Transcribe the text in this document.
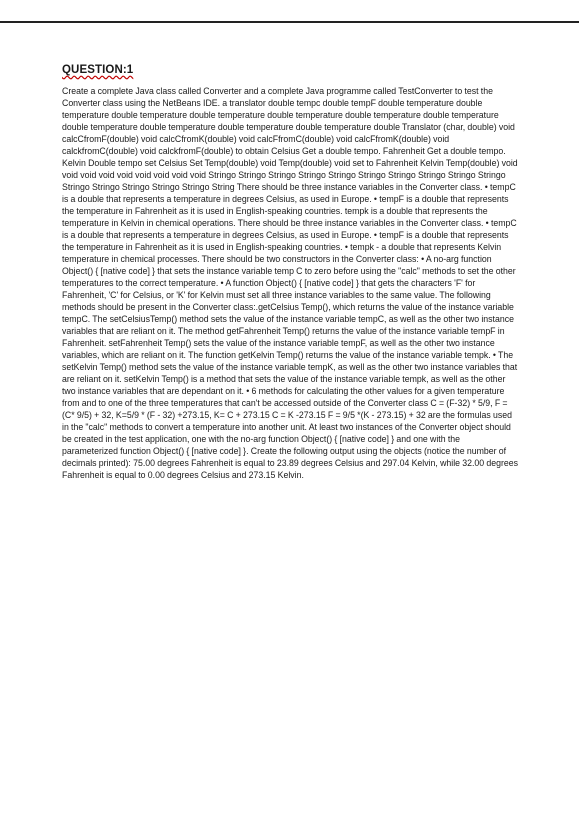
QUESTION:1

Create a complete Java class called Converter and a complete Java programme called TestConverter to test the Converter class using the NetBeans IDE. a translator double tempc double tempF double temperature double temperature double temperature double temperature double temperature double temperature double temperature double temperature double temperature double temperature double temperature double Translator (char, double) void calcCfromF(double) void calcCfromK(double) void calcFfromC(double) void calcFfromK(double) void calckfromC(double) void calckfromF(double) to obtain Celsius Get a double tempo. Fahrenheit Get a double tempo. Kelvin Double tempo set Celsius Set Temp(double) void Temp(double) void set to Fahrenheit Kelvin Temp(double) void void void void void void void void void Stringo Stringo Stringo Stringo Stringo Stringo Stringo Stringo Stringo Stringo Stringo Stringo Stringo Stringo Stringo String There should be three instance variables in the Converter class. • tempC is a double that represents a temperature in degrees Celsius, as used in Europe. • tempF is a double that represents the temperature in Fahrenheit as it is used in English-speaking countries. tempk is a double that represents the temperature in Kelvin in chemical operations. There should be three instance variables in the Converter class. • tempC is a double that represents a temperature in degrees Celsius, as used in Europe. • tempF is a double that represents the temperature in Fahrenheit as it is used in English-speaking countries. • tempk - a double that represents Kelvin temperature in chemical processes. There should be two constructors in the Converter class: • A no-arg function Object() { [native code] } that sets the instance variable temp C to zero before using the "calc" methods to set the other temperatures to the correct temperature. • A function Object() { [native code] } that gets the characters 'F' for Fahrenheit, 'C' for Celsius, or 'K' for Kelvin must set all three instance variables to the same value. The following methods should be present in the Converter class:.getCelsius Temp(), which returns the value of the instance variable tempC. The setCelsiusTemp() method sets the value of the instance variable tempC, as well as the other two instance variables that are reliant on it. The method getFahrenheit Temp() returns the value of the instance variable tempF in Fahrenheit. setFahrenheit Temp() sets the value of the instance variable tempF, as well as the other two instance variables, which are reliant on it. The function getKelvin Temp() returns the value of the instance variable tempk. • The setKelvin Temp() method sets the value of the instance variable tempK, as well as the other two instance variables that are reliant on it. setKelvin Temp() is a method that sets the value of the instance variable tempk, as well as the other two instance variables that are dependant on it. • 6 methods for calculating the other values for a given temperature from and to one of the three temperatures that can't be accessed outside of the Converter class C = (F-32) * 5/9, F = (C* 9/5) + 32, K=5/9 * (F - 32) +273.15, K= C + 273.15 C = K -273.15 F = 9/5 *(K - 273.15) + 32 are the formulas used in the "calc" methods to convert a temperature into another unit. At least two instances of the Converter object should be created in the test application, one with the no-arg function Object() { [native code] } and one with the parameterized function Object() { [native code] }. Create the following output using the objects (notice the number of decimals printed): 75.00 degrees Fahrenheit is equal to 23.89 degrees Celsius and 297.04 Kelvin, while 32.00 degrees Fahrenheit is equal to 0.00 degrees Celsius and 273.15 Kelvin.
